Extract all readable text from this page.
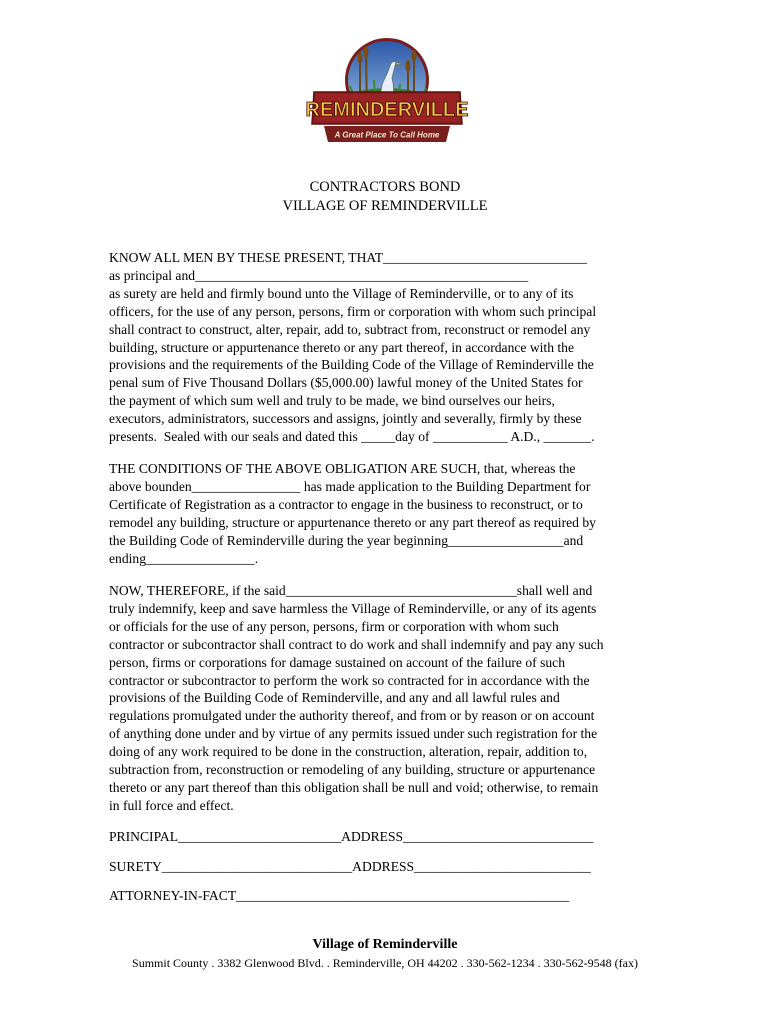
REMINDERVILLE
A Great Place To Call Home
CONTRACTORS BOND
VILLAGE OF REMINDERVILLE

KNOW ALL MEN BY THESE PRESENT, THAT______________________________

as principal and_________________________________________________

as surety are held and firmly bound unto the Village of Reminderville, or to any of its

officers, for the use of any person, persons, firm or corporation with whom such principal

shall contract to construct, alter, repair, add to, subtract from, reconstruct or remodel any

building, structure or appurtenance thereto or any part thereof, in accordance with the

provisions and the requirements of the Building Code of the Village of Reminderville the

penal sum of Five Thousand Dollars ($5,000.00) lawful money of the United States for

the payment of which sum well and truly to be made, we bind ourselves our heirs,

executors, administrators, successors and assigns, jointly and severally, firmly by these

presents.  Sealed with our seals and dated this _____day of ___________ A.D., _______.

THE CONDITIONS OF THE ABOVE OBLIGATION ARE SUCH, that, whereas the

above bounden________________ has made application to the Building Department for

Certificate of Registration as a contractor to engage in the business to reconstruct, or to

remodel any building, structure or appurtenance thereto or any part thereof as required by

the Building Code of Reminderville during the year beginning_________________and

ending________________.

NOW, THEREFORE, if the said__________________________________shall well and

truly indemnify, keep and save harmless the Village of Reminderville, or any of its agents

or officials for the use of any person, persons, firm or corporation with whom such

contractor or subcontractor shall contract to do work and shall indemnify and pay any such

person, firms or corporations for damage sustained on account of the failure of such

contractor or subcontractor to perform the work so contracted for in accordance with the

provisions of the Building Code of Reminderville, and any and all lawful rules and

regulations promulgated under the authority thereof, and from or by reason or on account

of anything done under and by virtue of any permits issued under such registration for the

doing of any work required to be done in the construction, alteration, repair, addition to,

subtraction from, reconstruction or remodeling of any building, structure or appurtenance

thereto or any part thereof than this obligation shall be null and void; otherwise, to remain

in full force and effect.

PRINCIPAL________________________ADDRESS____________________________
SURETY____________________________ADDRESS__________________________
ATTORNEY-IN-FACT_________________________________________________
Village of Reminderville
Summit County . 3382 Glenwood Blvd. . Reminderville, OH 44202 . 330-562-1234 . 330-562-9548 (fax)
